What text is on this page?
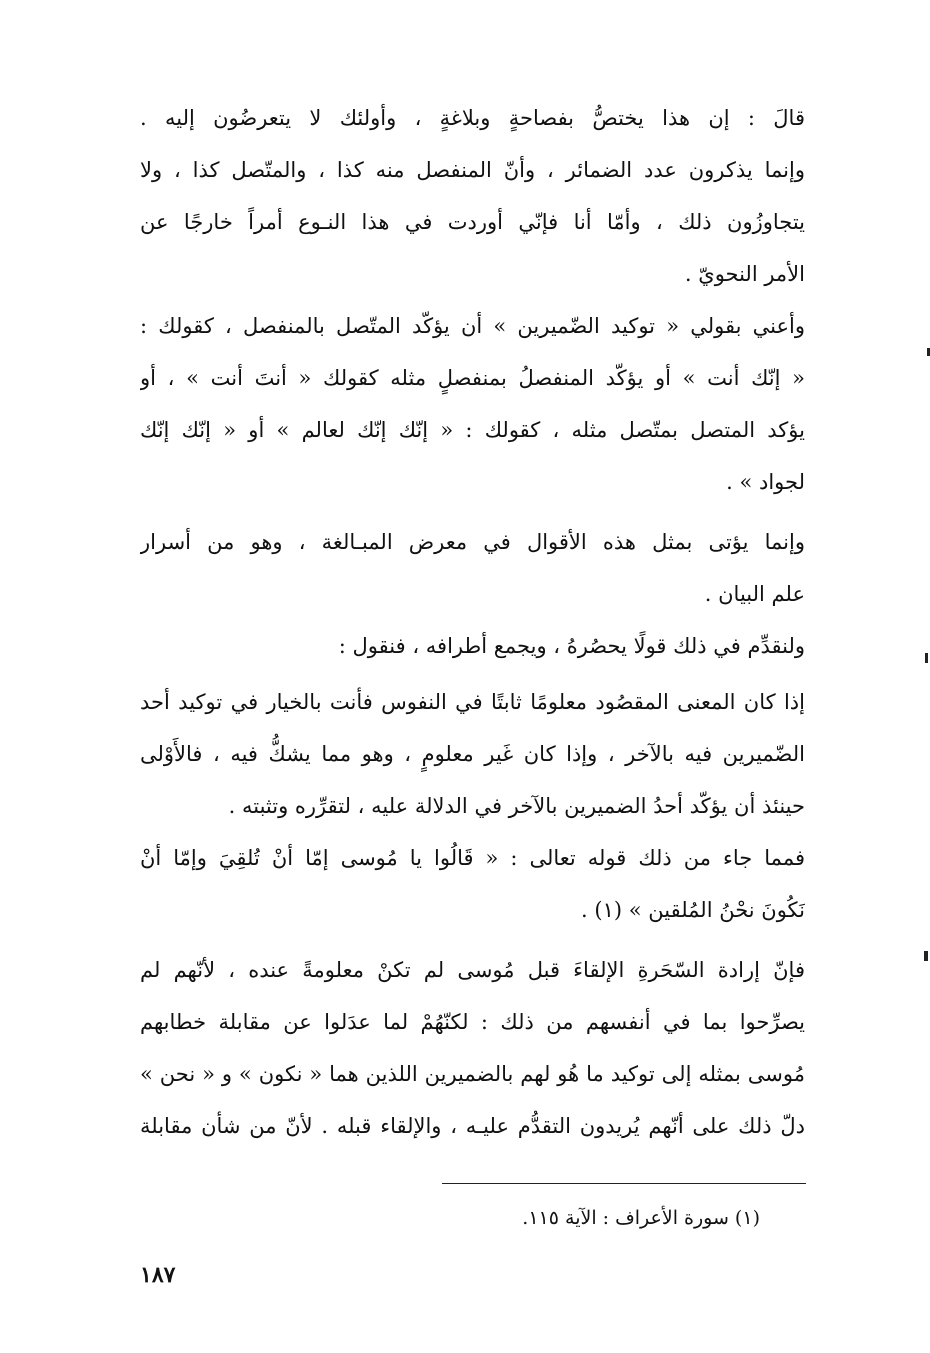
قالَ : إن هذا يختصُّ بفصاحةٍ وبلاغةٍ ، وأولئك لا يتعرضُون إليه .
وإنما يذكرون عدد الضمائر ، وأنّ المنفصل منه كذا ، والمتّصل كذا ، ولا
يتجاوزُون ذلك ، وأمّا أنا فإنّي أوردت في هذا النـوع أمراً خارجًا عن
الأمر النحويّ .
وأعني بقولي « توكيد الضّميرين » أن يؤكّد المتّصل بالمنفصل ، كقولك :
« إنّك أنت » أو يؤكّد المنفصلُ بمنفصلٍ مثله كقولك « أنتَ أنت » ، أو
يؤكد المتصل بمتّصل مثله ، كقولك : « إنّك إنّك لعالم » أو « إنّك إنّك
لجواد » .
وإنما يؤتى بمثل هذه الأقوال في معرض المبـالغة ، وهو من أسرار
علم البيان .
ولنقدِّم في ذلك قولًا يحصُرهُ ، ويجمع أطرافه ، فنقول :
إذا كان المعنى المقصُود معلومًا ثابتًا في النفوس فأنت بالخيار في توكيد أحد
الضّميرين فيه بالآخر ، وإذا كان غَير معلومٍ ، وهو مما يشكُّ فيه ، فالأَوْلى
حينئذ أن يؤكّد أحدُ الضميرين بالآخر في الدلالة عليه ، لتقرِّره وتثبته .
فمما جاء من ذلك قوله تعالى : « قَالُوا يا مُوسى إمّا أنْ تُلقِيَ وإمّا أنْ
نَكُونَ نحْنُ المُلقين » (١) .
فإنّ إرادة السّحَرةِ الإلقاءَ قبل مُوسى لم تكنْ معلومةً عنده ، لأنّهم لم
يصرِّحوا بما في أنفسهم من ذلك : لكنّهُمْ لما عدَلوا عن مقابلة خطابهم
مُوسى بمثله إلى توكيد ما هُو لهم بالضميرين اللذين هما « نكون » و « نحن »
دلّ ذلك على أنّهم يُريدون التقدُّم عليـه ، والإلقاء قبله . لأنّ من شأن مقابلة
(١) سورة الأعراف : الآية ١١٥.
١٨٧
